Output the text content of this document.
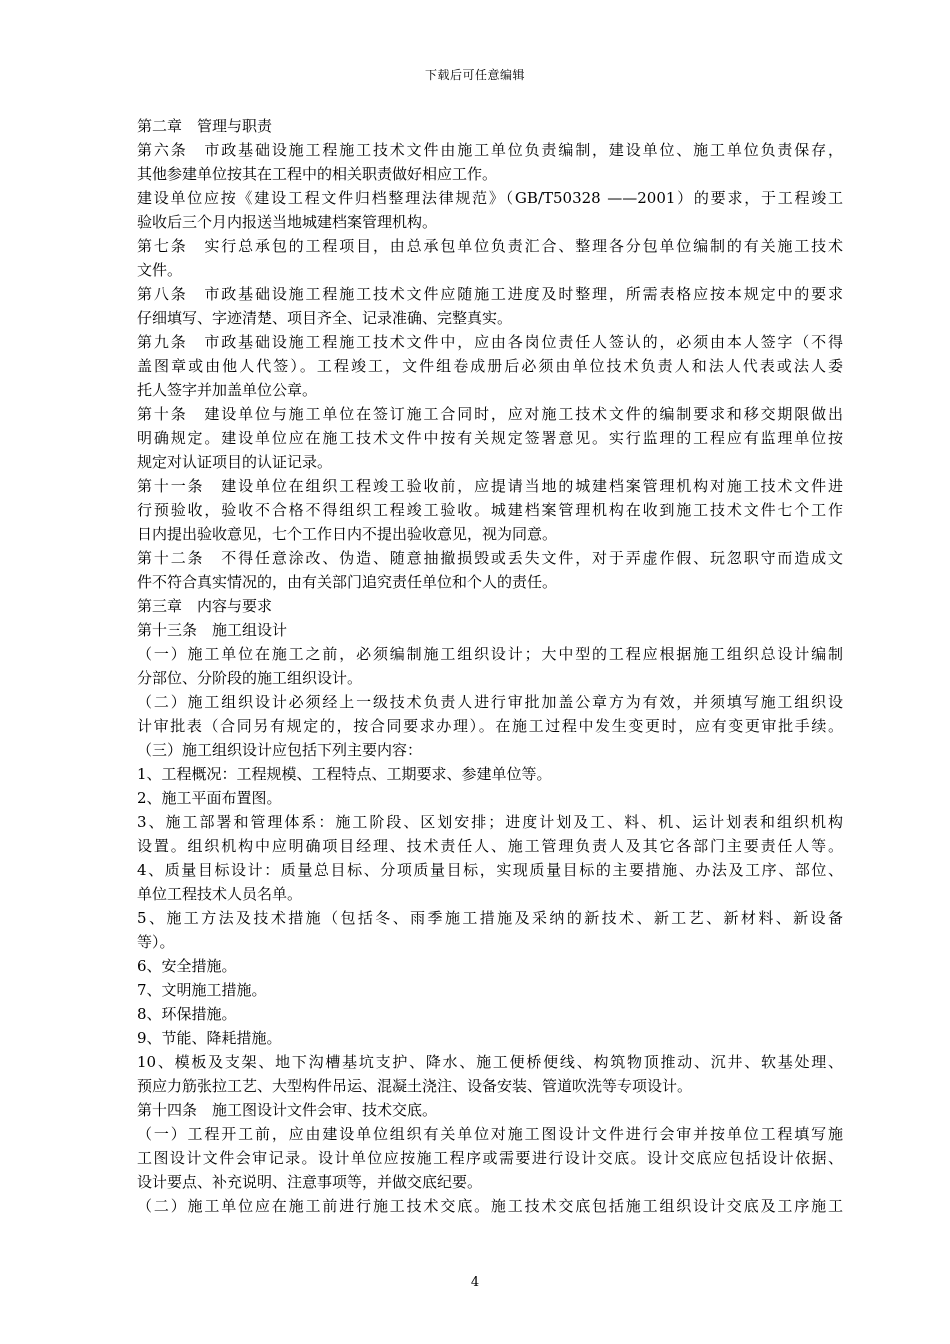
下载后可任意编辑
第二章　管理与职责
第六条　市政基础设施工程施工技术文件由施工单位负责编制，建设单位、施工单位负责保存，
其他参建单位按其在工程中的相关职责做好相应工作。
建设单位应按《建设工程文件归档整理法律规范》（GB/T50328 ——2001）的要求，于工程竣工
验收后三个月内报送当地城建档案管理机构。
第七条　实行总承包的工程项目，由总承包单位负责汇合、整理各分包单位编制的有关施工技术
文件。
第八条　市政基础设施工程施工技术文件应随施工进度及时整理，所需表格应按本规定中的要求
仔细填写、字迹清楚、项目齐全、记录准确、完整真实。
第九条　市政基础设施工程施工技术文件中，应由各岗位责任人签认的，必须由本人签字（不得
盖图章或由他人代签）。工程竣工，文件组卷成册后必须由单位技术负责人和法人代表或法人委
托人签字并加盖单位公章。
第十条　建设单位与施工单位在签订施工合同时，应对施工技术文件的编制要求和移交期限做出
明确规定。建设单位应在施工技术文件中按有关规定签署意见。实行监理的工程应有监理单位按
规定对认证项目的认证记录。
第十一条　建设单位在组织工程竣工验收前，应提请当地的城建档案管理机构对施工技术文件进
行预验收，验收不合格不得组织工程竣工验收。城建档案管理机构在收到施工技术文件七个工作
日内提出验收意见，七个工作日内不提出验收意见，视为同意。
第十二条　不得任意涂改、伪造、随意抽撤损毁或丢失文件，对于弄虚作假、玩忽职守而造成文
件不符合真实情况的，由有关部门追究责任单位和个人的责任。
第三章　内容与要求
第十三条　施工组设计
（一）施工单位在施工之前，必须编制施工组织设计；大中型的工程应根据施工组织总设计编制
分部位、分阶段的施工组织设计。
（二）施工组织设计必须经上一级技术负责人进行审批加盖公章方为有效，并须填写施工组织设
计审批表（合同另有规定的，按合同要求办理）。在施工过程中发生变更时，应有变更审批手续。
（三）施工组织设计应包括下列主要内容：
1、工程概况：工程规模、工程特点、工期要求、参建单位等。
2、施工平面布置图。
3、施工部署和管理体系：施工阶段、区划安排；进度计划及工、料、机、运计划表和组织机构
设置。组织机构中应明确项目经理、技术责任人、施工管理负责人及其它各部门主要责任人等。
4、质量目标设计：质量总目标、分项质量目标，实现质量目标的主要措施、办法及工序、部位、
单位工程技术人员名单。
5、施工方法及技术措施（包括冬、雨季施工措施及采纳的新技术、新工艺、新材料、新设备
等）。
6、安全措施。
7、文明施工措施。
8、环保措施。
9、节能、降耗措施。
10、模板及支架、地下沟槽基坑支护、降水、施工便桥便线、构筑物顶推动、沉井、软基处理、
预应力筋张拉工艺、大型构件吊运、混凝土浇注、设备安装、管道吹洗等专项设计。
第十四条　施工图设计文件会审、技术交底。
（一）工程开工前，应由建设单位组织有关单位对施工图设计文件进行会审并按单位工程填写施
工图设计文件会审记录。设计单位应按施工程序或需要进行设计交底。设计交底应包括设计依据、
设计要点、补充说明、注意事项等，并做交底纪要。
（二）施工单位应在施工前进行施工技术交底。施工技术交底包括施工组织设计交底及工序施工
4
